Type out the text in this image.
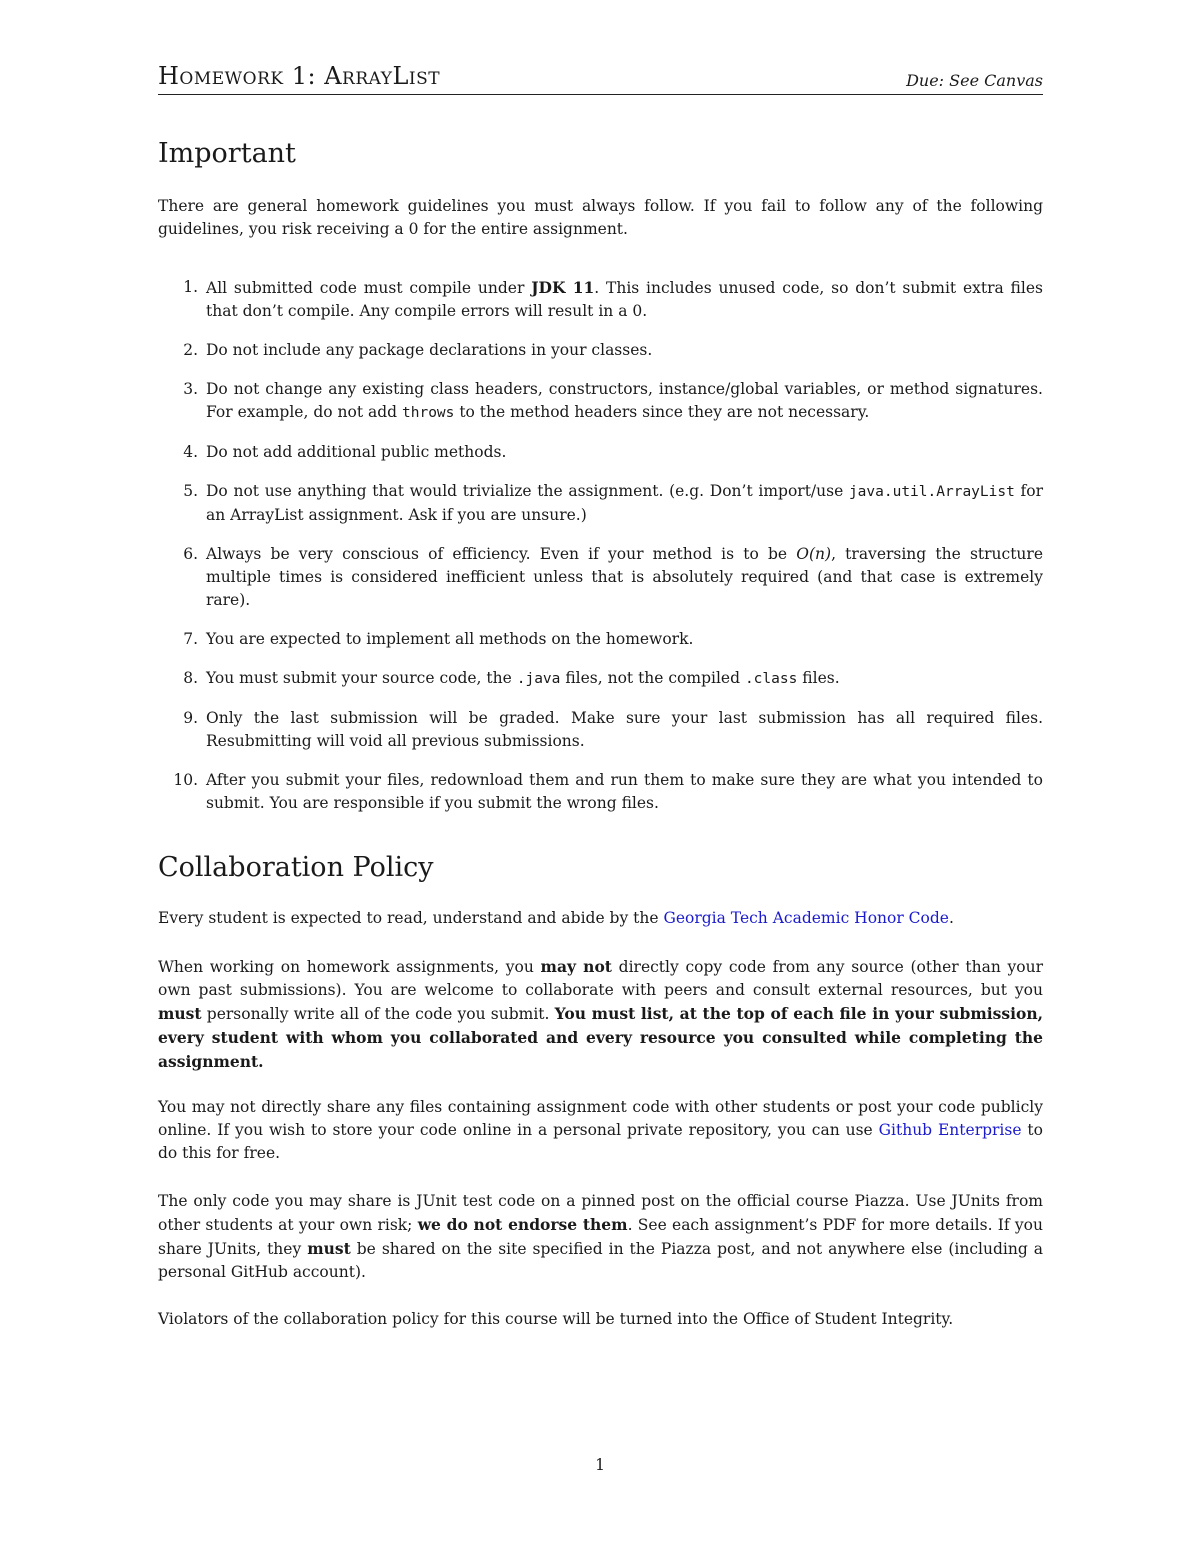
Homework 1: ArrayList	Due: See Canvas
Important

There are general homework guidelines you must always follow. If you fail to follow any of the following guidelines, you risk receiving a 0 for the entire assignment.

1. All submitted code must compile under JDK 11. This includes unused code, so don’t submit extra files that don’t compile. Any compile errors will result in a 0.
2. Do not include any package declarations in your classes.
3. Do not change any existing class headers, constructors, instance/global variables, or method signatures. For example, do not add throws to the method headers since they are not necessary.
4. Do not add additional public methods.
5. Do not use anything that would trivialize the assignment. (e.g. Don’t import/use java.util.ArrayList for an ArrayList assignment. Ask if you are unsure.)
6. Always be very conscious of efficiency. Even if your method is to be O(n), traversing the structure multiple times is considered inefficient unless that is absolutely required (and that case is extremely rare).
7. You are expected to implement all methods on the homework.
8. You must submit your source code, the .java files, not the compiled .class files.
9. Only the last submission will be graded. Make sure your last submission has all required files. Resubmitting will void all previous submissions.
10. After you submit your files, redownload them and run them to make sure they are what you intended to submit. You are responsible if you submit the wrong files.
Collaboration Policy

Every student is expected to read, understand and abide by the Georgia Tech Academic Honor Code.

When working on homework assignments, you may not directly copy code from any source (other than your own past submissions). You are welcome to collaborate with peers and consult external resources, but you must personally write all of the code you submit. You must list, at the top of each file in your submission, every student with whom you collaborated and every resource you consulted while completing the assignment.

You may not directly share any files containing assignment code with other students or post your code publicly online. If you wish to store your code online in a personal private repository, you can use Github Enterprise to do this for free.

The only code you may share is JUnit test code on a pinned post on the official course Piazza. Use JUnits from other students at your own risk; we do not endorse them. See each assignment’s PDF for more details. If you share JUnits, they must be shared on the site specified in the Piazza post, and not anywhere else (including a personal GitHub account).

Violators of the collaboration policy for this course will be turned into the Office of Student Integrity.

1
